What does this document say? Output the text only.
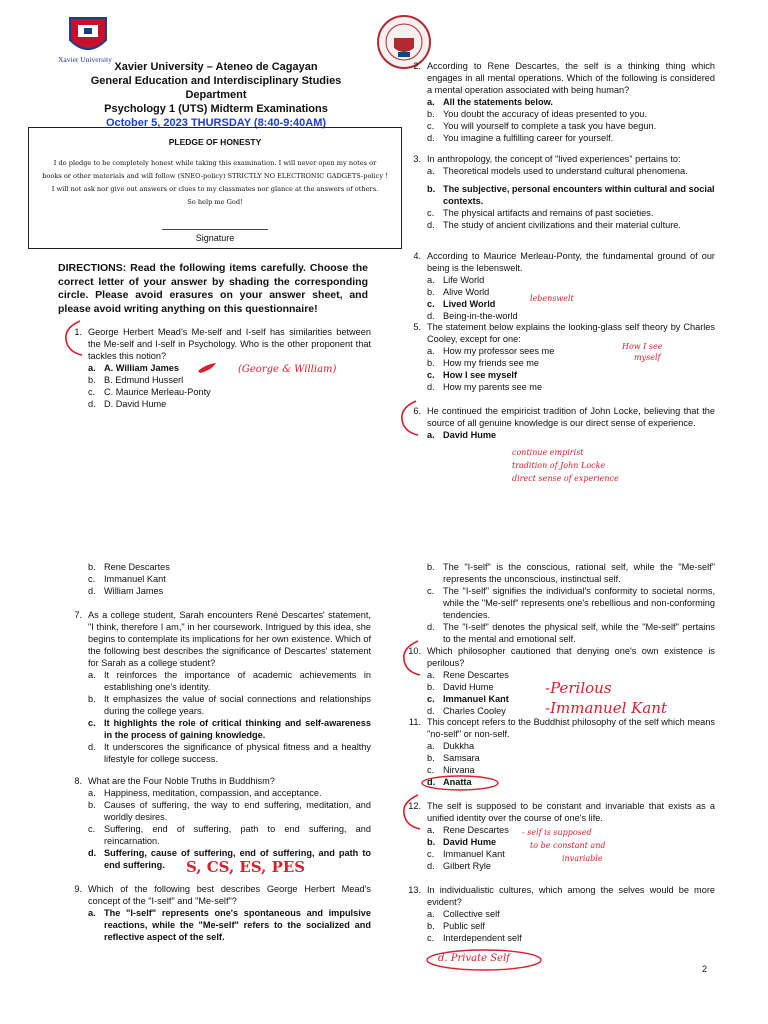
Xavier University
Xavier University – Ateneo de Cagayan
General Education and Interdisciplinary Studies Department
Psychology 1 (UTS) Midterm Examinations
October 5, 2023 THURSDAY (8:40-9:40AM)
PLEDGE OF HONESTY
I do pledge to be completely honest while taking this examination. I will never open my notes or
books or other materials and will follow (SNEO-policy) STRICTLY NO ELECTRONIC GADGETS-policy !
I will not ask nor give out answers or clues to my classmates nor glance at the answers of others.
So help me God!
Signature
DIRECTIONS: Read the following items carefully. Choose the correct letter of your answer by shading the corresponding circle. Please avoid erasures on your answer sheet, and please avoid writing anything on this questionnaire!
1. George Herbert Mead’s Me-self and I-self has similarities between the Me-self and I-self in Psychology. Who is the other proponent that tackles this notion?
a. A. William James
b. B. Edmund Husserl
c. C. Maurice Merleau-Ponty
d. D. David Hume
(George & William)
2. According to Rene Descartes, the self is a thinking thing which engages in all mental operations. Which of the following is considered a mental operation associated with being human?
a. All the statements below.
b. You doubt the accuracy of ideas presented to you.
c. You will yourself to complete a task you have begun.
d. You imagine a fulfilling career for yourself.
3. In anthropology, the concept of "lived experiences" pertains to:
a. Theoretical models used to understand cultural phenomena.
b. The subjective, personal encounters within cultural and social contexts.
c. The physical artifacts and remains of past societies.
d. The study of ancient civilizations and their material culture.
4. According to Maurice Merleau-Ponty, the fundamental ground of our being is the lebenswelt.
a. Life World
b. Alive World
c. Lived World
d. Being-in-the-world
lebenswelt
5. The statement below explains the looking-glass self theory by Charles Cooley, except for one:
a. How my professor sees me
b. How my friends see me
c. How I see myself
d. How my parents see me
How I see
myself
6. He continued the empiricist tradition of John Locke, believing that the source of all genuine knowledge is our direct sense of experience.
a. David Hume
continue empirist
tradition of John Locke
direct sense of experience
b. Rene Descartes
c. Immanuel Kant
d. William James
7. As a college student, Sarah encounters René Descartes' statement, "I think, therefore I am," in her coursework. Intrigued by this idea, she begins to contemplate its implications for her own existence. Which of the following best describes the significance of Descartes' statement for Sarah as a college student?
a. It reinforces the importance of academic achievements in establishing one's identity.
b. It emphasizes the value of social connections and relationships during the college years.
c. It highlights the role of critical thinking and self-awareness in the process of gaining knowledge.
d. It underscores the significance of physical fitness and a healthy lifestyle for college success.
8. What are the Four Noble Truths in Buddhism?
a. Happiness, meditation, compassion, and acceptance.
b. Causes of suffering, the way to end suffering, meditation, and worldly desires.
c. Suffering, end of suffering, path to end suffering, and reincarnation.
d. Suffering, cause of suffering, end of suffering, and path to end suffering.	S, CS, ES, PES
9. Which of the following best describes George Herbert Mead's concept of the "I-self" and "Me-self"?
a. The "I-self" represents one's spontaneous and impulsive reactions, while the "Me-self" refers to the socialized and reflective aspect of the self.
b. The "I-self" is the conscious, rational self, while the "Me-self" represents the unconscious, instinctual self.
c. The "I-self" signifies the individual's conformity to societal norms, while the "Me-self" represents one's rebellious and non-conforming tendencies.
d. The "I-self" denotes the physical self, while the "Me-self" pertains to the mental and emotional self.
10. Which philosopher cautioned that denying one's own existence is perilous?
a. Rene Descartes
b. David Hume
c. Immanuel Kant
d. Charles Cooley
-Perilous
-Immanuel Kant
11. This concept refers to the Buddhist philosophy of the self which means "no-self" or non-self.
a. Dukkha
b. Samsara
c. Nirvana
d. Anatta
12. The self is supposed to be constant and invariable that exists as a unified identity over the course of one's life.
a. Rene Descartes
b. David Hume
c. Immanuel Kant
d. Gilbert Ryle
- self is supposed
to be constant and
invariable
13. In individualistic cultures, which among the selves would be more evident?
a. Collective self
b. Public self
c. Interdependent self
d. Private Self
2
